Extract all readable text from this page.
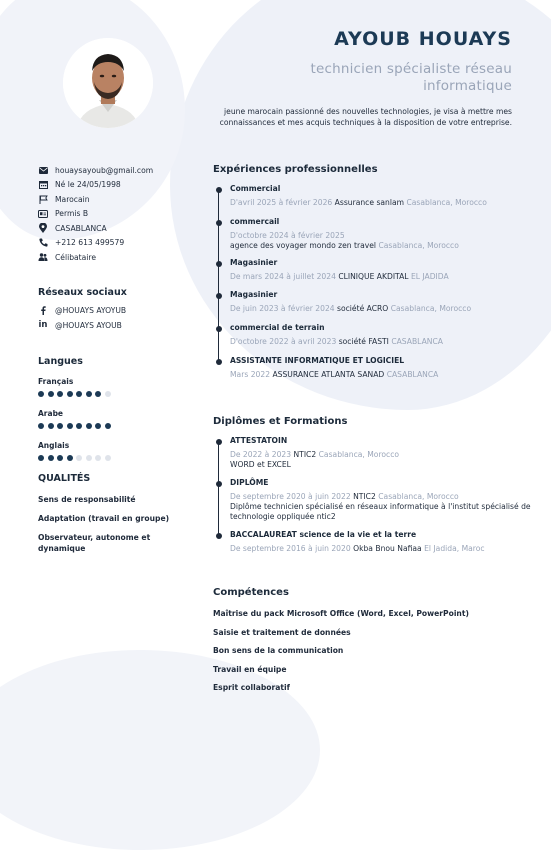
AYOUB HOUAYS
technicien spécialiste réseau informatique
jeune marocain passionné des nouvelles technologies, je visa à mettre mes connaissances et mes acquis techniques à la disposition de votre entreprise.
houaysayoub@gmail.com
Né le 24/05/1998
Marocain
Permis B
CASABLANCA
+212 613 499579
Célibataire
Réseaux sociaux
@HOUAYS AYOYUB
in @HOUAYS AYOUB
Langues
Français
Arabe
Anglais
QUALITÉS
Sens de responsabilité
Adaptation (travail en groupe)
Observateur, autonome et dynamique
Expériences professionnelles
Commercial
D'avril 2025 à février 2026 Assurance sanlam Casablanca, Morocco
commercail
D'octobre 2024 à février 2025
agence des voyager mondo zen travel Casablanca, Morocco
Magasinier
De mars 2024 à juillet 2024 CLINIQUE AKDITAL EL JADIDA
Magasinier
De juin 2023 à février 2024 société ACRO Casablanca, Morocco
commercial de terrain
D'octobre 2022 à avril 2023 société FASTI CASABLANCA
ASSISTANTE INFORMATIQUE ET LOGICIEL
Mars 2022 ASSURANCE ATLANTA SANAD CASABLANCA
Diplômes et Formations
ATTESTATOIN
De 2022 à 2023 NTIC2 Casablanca, Morocco
WORD et EXCEL
DIPLÔME
De septembre 2020 à juin 2022 NTIC2 Casablanca, Morocco
Diplôme technicien spécialisé en réseaux informatique à l'institut spécialisé de technologie oppliquée ntic2
BACCALAUREAT science de la vie et la terre
De septembre 2016 à juin 2020 Okba Bnou Nafiaa El Jadida, Maroc
Compétences
Maîtrise du pack Microsoft Office (Word, Excel, PowerPoint)
Saisie et traitement de données
Bon sens de la communication
Travail en équipe
Esprit collaboratif
